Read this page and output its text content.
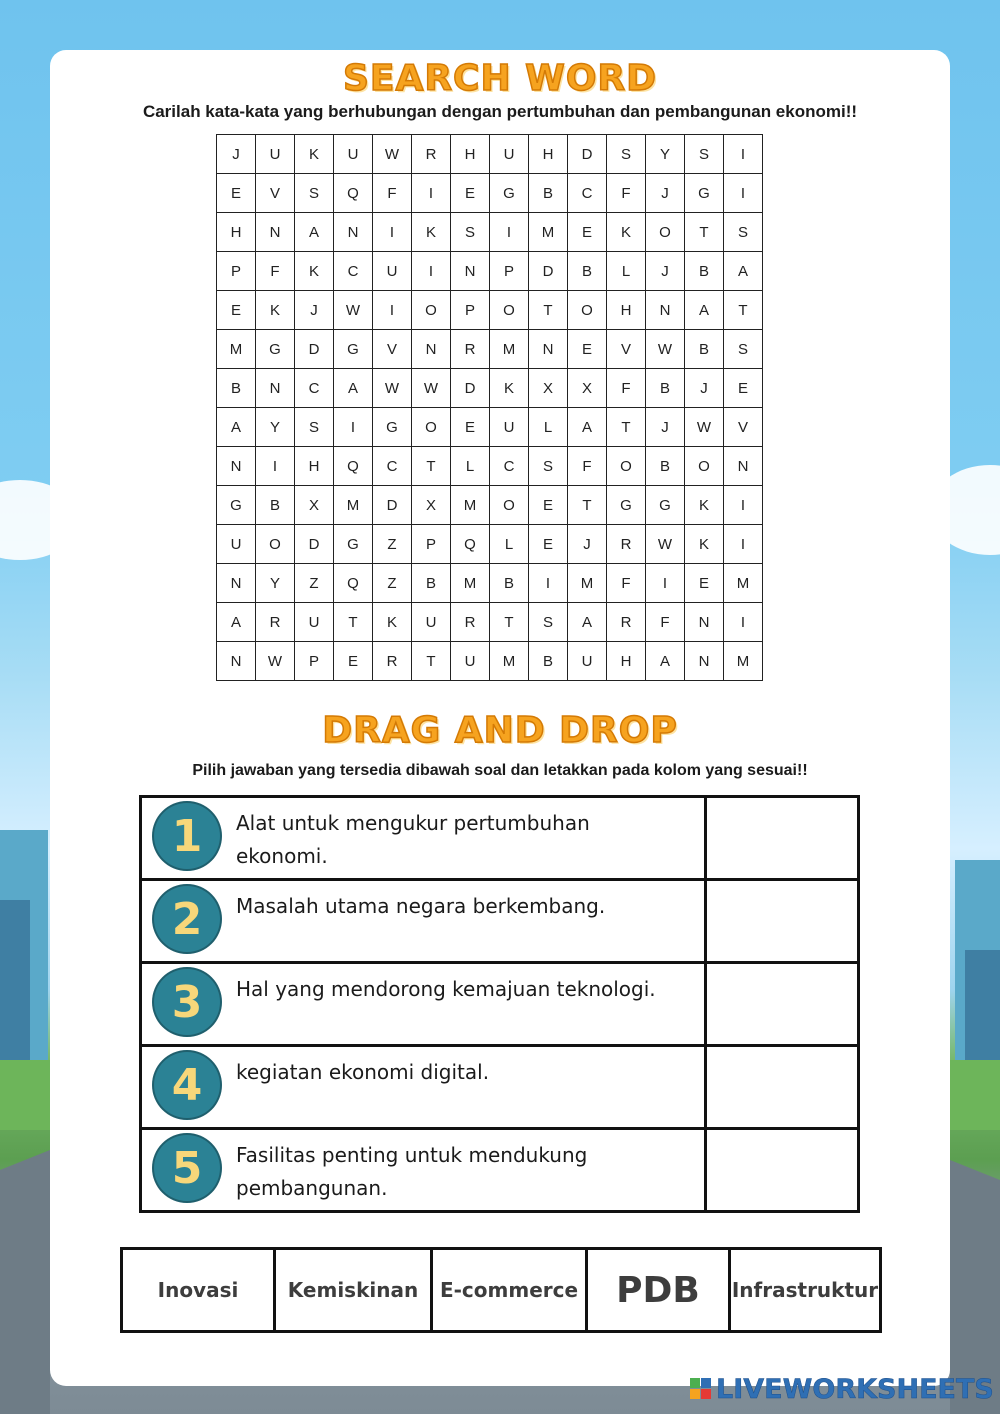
SEARCH WORD
Carilah kata-kata yang berhubungan dengan pertumbuhan dan pembangunan ekonomi!!
J	U	K	U	W	R	H	U	H	D	S	Y	S	I
E	V	S	Q	F	I	E	G	B	C	F	J	G	I
H	N	A	N	I	K	S	I	M	E	K	O	T	S
P	F	K	C	U	I	N	P	D	B	L	J	B	A
E	K	J	W	I	O	P	O	T	O	H	N	A	T
M	G	D	G	V	N	R	M	N	E	V	W	B	S
B	N	C	A	W	W	D	K	X	X	F	B	J	E
A	Y	S	I	G	O	E	U	L	A	T	J	W	V
N	I	H	Q	C	T	L	C	S	F	O	B	O	N
G	B	X	M	D	X	M	O	E	T	G	G	K	I
U	O	D	G	Z	P	Q	L	E	J	R	W	K	I
N	Y	Z	Q	Z	B	M	B	I	M	F	I	E	M
A	R	U	T	K	U	R	T	S	A	R	F	N	I
N	W	P	E	R	T	U	M	B	U	H	A	N	M
DRAG AND DROP
Pilih jawaban yang tersedia dibawah soal dan letakkan pada kolom yang sesuai!!
1 Alat untuk mengukur pertumbuhan ekonomi.	

2 Masalah utama negara berkembang.	

3 Hal yang mendorong kemajuan teknologi.	

4 kegiatan ekonomi digital.	

5 Fasilitas penting untuk mendukung pembangunan.	

Inovasi	Kemiskinan	E-commerce	PDB	Infrastruktur
LIVEWORKSHEETS
